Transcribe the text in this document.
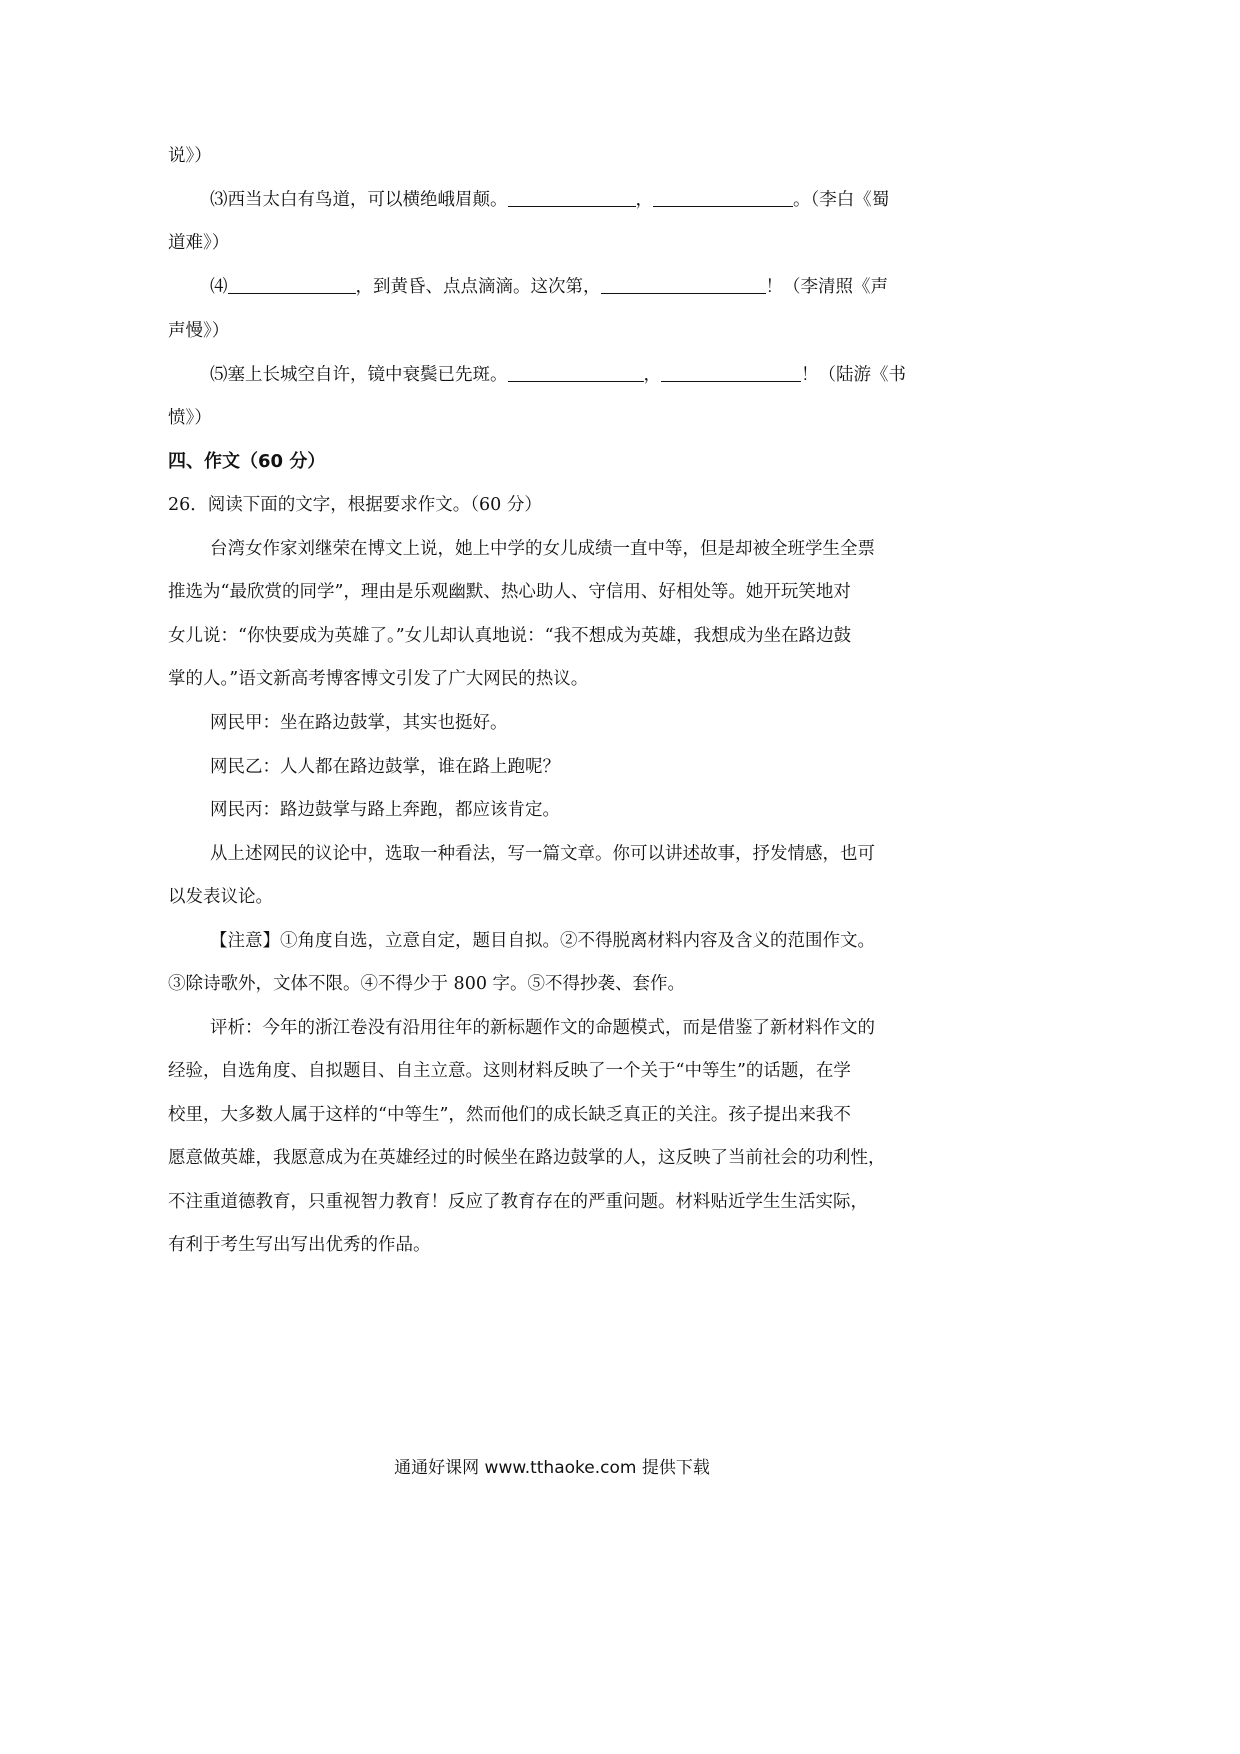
说》）
⑶西当太白有鸟道，可以横绝峨眉颠。	，	。（李白《蜀
道难》）
⑷	，到黄昏、点点滴滴。这次第，	！（李清照《声
声慢》）
⑸塞上长城空自许，镜中衰鬓已先斑。	，	！（陆游《书
愤》）
四、作文（60 分）
26．阅读下面的文字，根据要求作文。（60 分）
台湾女作家刘继荣在博文上说，她上中学的女儿成绩一直中等，但是却被全班学生全票
推选为“最欣赏的同学”，理由是乐观幽默、热心助人、守信用、好相处等。她开玩笑地对
女儿说：“你快要成为英雄了。”女儿却认真地说：“我不想成为英雄，我想成为坐在路边鼓
掌的人。”语文新高考博客博文引发了广大网民的热议。
网民甲：坐在路边鼓掌，其实也挺好。
网民乙：人人都在路边鼓掌，谁在路上跑呢？
网民丙：路边鼓掌与路上奔跑，都应该肯定。
从上述网民的议论中，选取一种看法，写一篇文章。你可以讲述故事，抒发情感，也可
以发表议论。
【注意】①角度自选，立意自定，题目自拟。②不得脱离材料内容及含义的范围作文。
③除诗歌外，文体不限。④不得少于 800 字。⑤不得抄袭、套作。
评析：今年的浙江卷没有沿用往年的新标题作文的命题模式，而是借鉴了新材料作文的
经验，自选角度、自拟题目、自主立意。这则材料反映了一个关于“中等生”的话题，在学
校里，大多数人属于这样的“中等生”，然而他们的成长缺乏真正的关注。孩子提出来我不
愿意做英雄，我愿意成为在英雄经过的时候坐在路边鼓掌的人，这反映了当前社会的功利性，
不注重道德教育，只重视智力教育！反应了教育存在的严重问题。材料贴近学生生活实际，
有利于考生写出写出优秀的作品。
通通好课网 www.tthaoke.com 提供下载
